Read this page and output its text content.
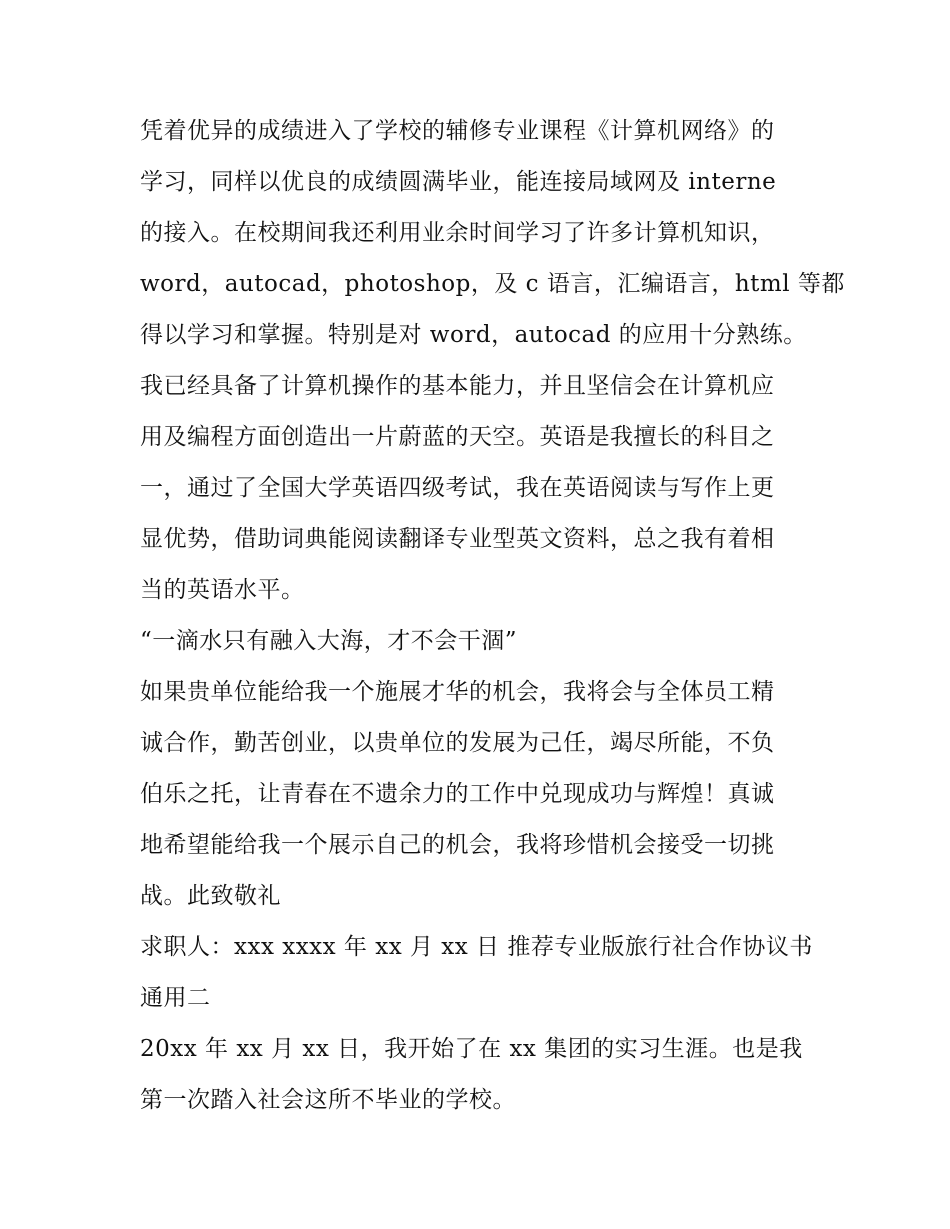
凭着优异的成绩进入了学校的辅修专业课程《计算机网络》的
学习，同样以优良的成绩圆满毕业，能连接局域网及 interne
的接入。在校期间我还利用业余时间学习了许多计算机知识，
word，autocad，photoshop，及 c 语言，汇编语言，html 等都
得以学习和掌握。特别是对 word，autocad 的应用十分熟练。
我已经具备了计算机操作的基本能力，并且坚信会在计算机应
用及编程方面创造出一片蔚蓝的天空。英语是我擅长的科目之
一，通过了全国大学英语四级考试，我在英语阅读与写作上更
显优势，借助词典能阅读翻译专业型英文资料，总之我有着相
当的英语水平。
“一滴水只有融入大海，才不会干涸”
如果贵单位能给我一个施展才华的机会，我将会与全体员工精
诚合作，勤苦创业，以贵单位的发展为己任，竭尽所能，不负
伯乐之托，让青春在不遗余力的工作中兑现成功与辉煌！真诚
地希望能给我一个展示自己的机会，我将珍惜机会接受一切挑
战。此致敬礼
求职人：xxx xxxx 年 xx 月 xx 日 推荐专业版旅行社合作协议书
通用二
20xx 年 xx 月 xx 日，我开始了在 xx 集团的实习生涯。也是我
第一次踏入社会这所不毕业的学校。
